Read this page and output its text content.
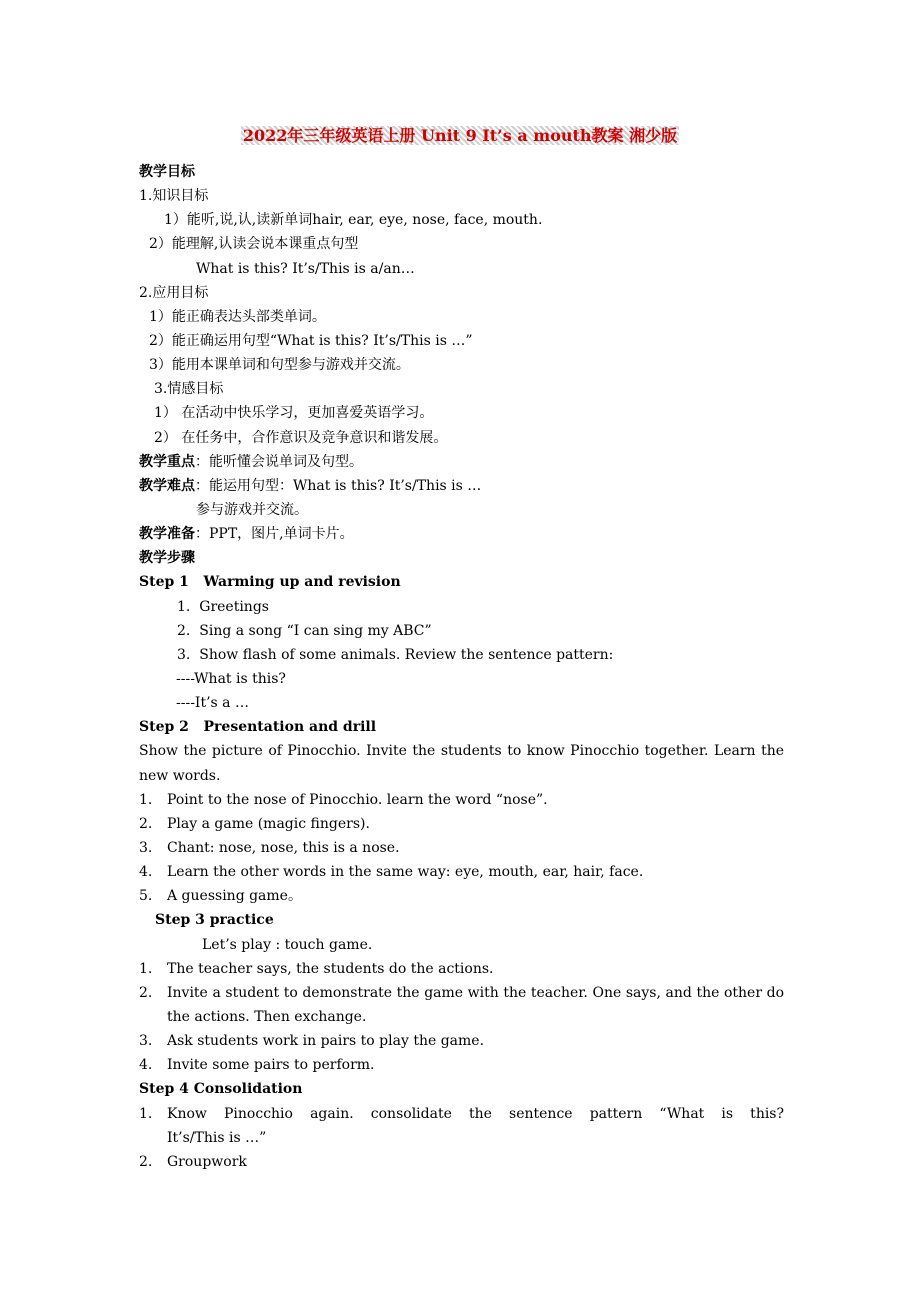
2022年三年级英语上册 Unit 9 It’s a mouth教案 湘少版
教学目标
1.知识目标
1）能听,说,认,读新单词hair, ear, eye, nose, face, mouth.
2）能理解,认读会说本课重点句型
What is this? It’s/This is a/an…
2.应用目标
1）能正确表达头部类单词。
2）能正确运用句型“What is this? It’s/This is …”
3）能用本课单词和句型参与游戏并交流。
3.情感目标
1） 在活动中快乐学习，更加喜爱英语学习。
2） 在任务中，合作意识及竞争意识和谐发展。
教学重点：能听懂会说单词及句型。
教学难点：能运用句型：What is this? It’s/This is …
参与游戏并交流。
教学准备：PPT，图片,单词卡片。
教学步骤
Step 1   Warming up and revision
1.  Greetings
2.  Sing a song “I can sing my ABC”
3.  Show flash of some animals. Review the sentence pattern:
----What is this?
----It’s a …
Step 2   Presentation and drill
Show the picture of Pinocchio. Invite the students to know Pinocchio together. Learn the new words.
1. Point to the nose of Pinocchio. learn the word “nose”.
2. Play a game (magic fingers).
3. Chant: nose, nose, this is a nose.
4. Learn the other words in the same way: eye, mouth, ear, hair, face.
5. A guessing game。
Step 3 practice
Let’s play : touch game.
1. The teacher says, the students do the actions.
2.	Invite a student to demonstrate the game with the teacher. One says, and the other do the actions. Then exchange.
3. Ask students work in pairs to play the game.
4. Invite some pairs to perform.
Step 4 Consolidation
1.	Know Pinocchio again. consolidate the sentence pattern “What is this?
It’s/This is …”
2. Groupwork
